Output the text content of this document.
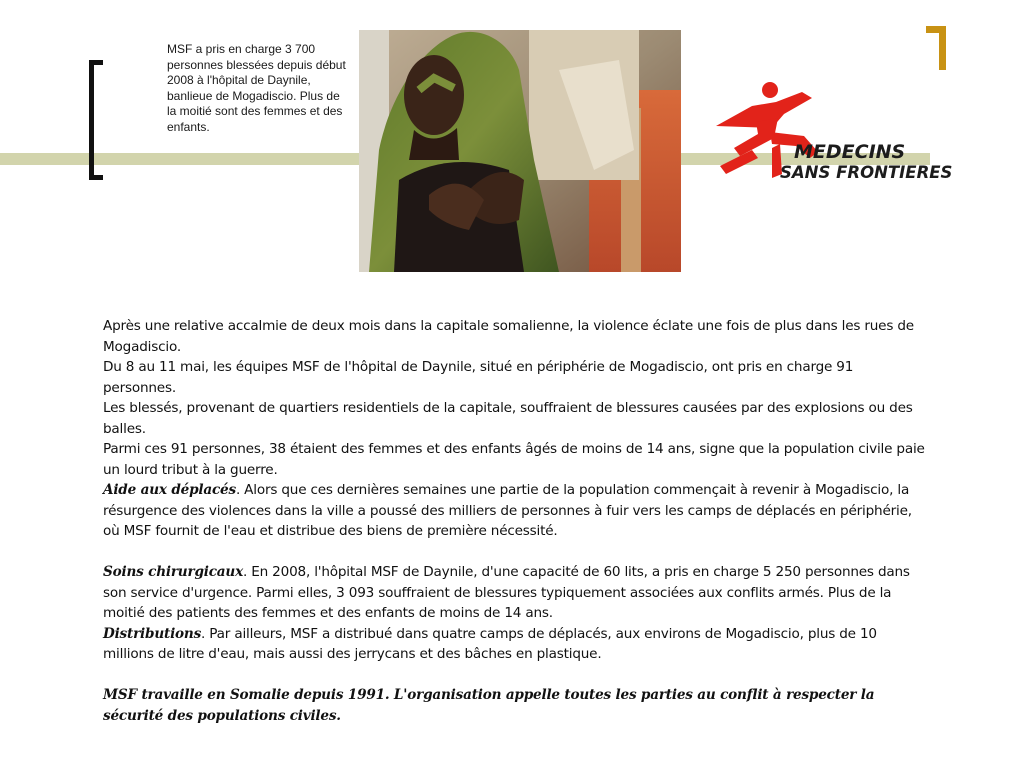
MSF a pris en charge 3 700 personnes blessées depuis début 2008 à l'hôpital de Daynile, banlieue de Mogadiscio. Plus de la moitié sont des femmes et des enfants.
MEDECINS
SANS FRONTIERES

Après une relative accalmie de deux mois dans la capitale somalienne, la violence éclate une fois de plus dans les rues de Mogadiscio.

Du 8 au 11 mai, les équipes MSF de l'hôpital de Daynile, situé en périphérie de Mogadiscio, ont pris en charge 91 personnes.

Les blessés, provenant de quartiers residentiels de la capitale, souffraient de blessures causées par des explosions ou des balles.

Parmi ces 91 personnes, 38 étaient des femmes et des enfants âgés de moins de 14 ans, signe que la population civile paie un lourd tribut à la guerre.

Aide aux déplacés. Alors que ces dernières semaines une partie de la population commençait à revenir à Mogadiscio, la résurgence des violences dans la ville a poussé des milliers de personnes à fuir vers les camps de déplacés en périphérie, où MSF fournit de l'eau et distribue des biens de première nécessité.

Soins chirurgicaux. En 2008, l'hôpital MSF de Daynile, d'une capacité de 60 lits, a pris en charge 5 250 personnes dans son service d'urgence. Parmi elles, 3 093 souffraient de blessures typiquement associées aux conflits armés. Plus de la moitié des patients des femmes et des enfants de moins de 14 ans.

Distributions. Par ailleurs, MSF a distribué dans quatre camps de déplacés, aux environs de Mogadiscio, plus de 10 millions de litre d'eau, mais aussi des jerrycans et des bâches en plastique.

MSF travaille en Somalie depuis 1991. L'organisation appelle toutes les parties au conflit à respecter la sécurité des populations civiles.
